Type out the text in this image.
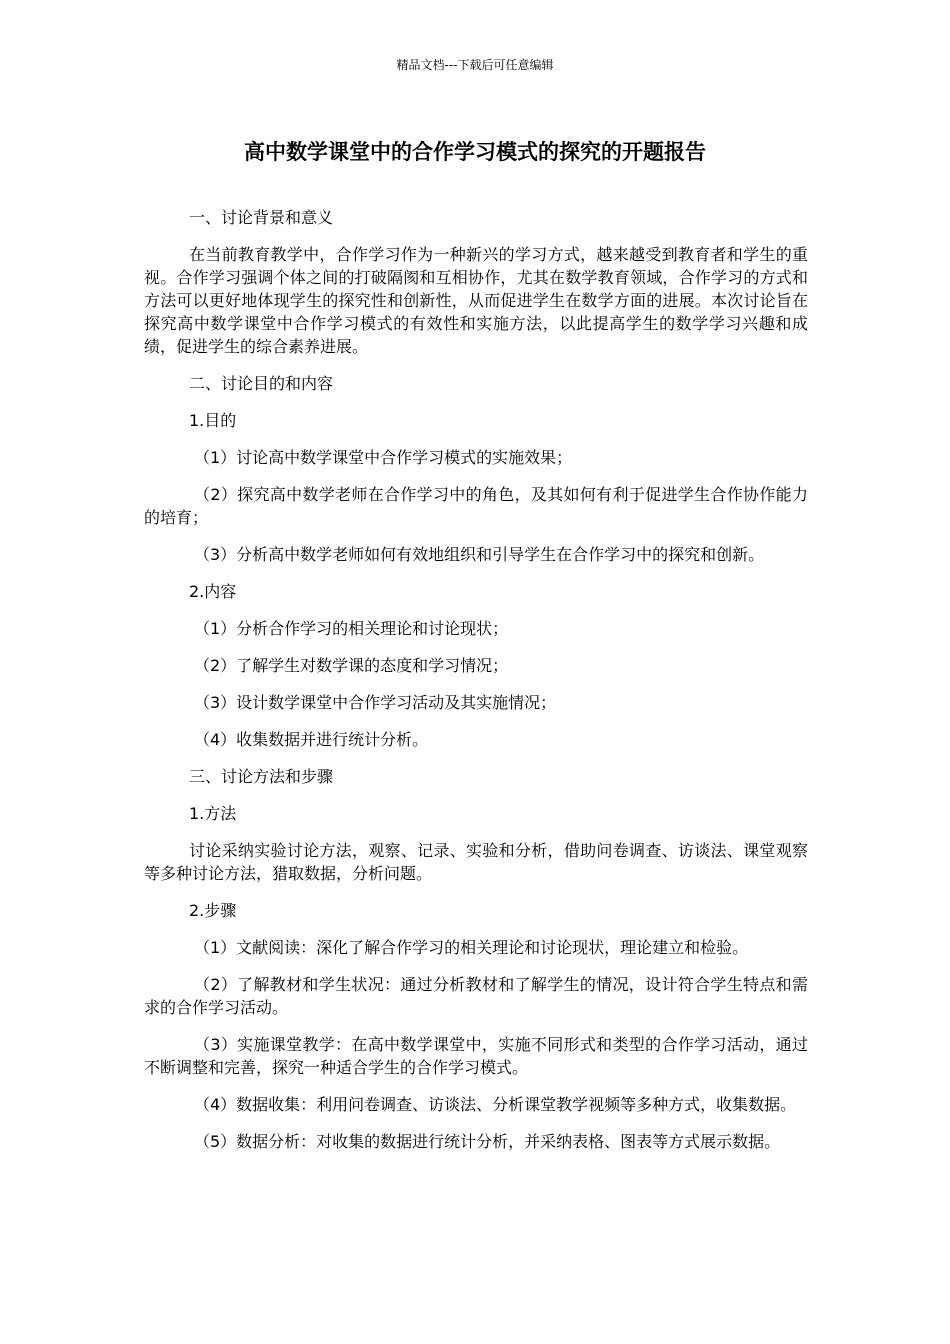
精品文档---下载后可任意编辑
高中数学课堂中的合作学习模式的探究的开题报告

一、讨论背景和意义

在当前教育教学中，合作学习作为一种新兴的学习方式，越来越受到教育者和学生的重视。合作学习强调个体之间的打破隔阂和互相协作，尤其在数学教育领域，合作学习的方式和方法可以更好地体现学生的探究性和创新性，从而促进学生在数学方面的进展。本次讨论旨在探究高中数学课堂中合作学习模式的有效性和实施方法，以此提高学生的数学学习兴趣和成绩，促进学生的综合素养进展。

二、讨论目的和内容

1.目的

（1）讨论高中数学课堂中合作学习模式的实施效果；

（2）探究高中数学老师在合作学习中的角色，及其如何有利于促进学生合作协作能力的培育；

（3）分析高中数学老师如何有效地组织和引导学生在合作学习中的探究和创新。

2.内容

（1）分析合作学习的相关理论和讨论现状；

（2）了解学生对数学课的态度和学习情况；

（3）设计数学课堂中合作学习活动及其实施情况；

（4）收集数据并进行统计分析。

三、讨论方法和步骤

1.方法

讨论采纳实验讨论方法，观察、记录、实验和分析，借助问卷调查、访谈法、课堂观察等多种讨论方法，猎取数据，分析问题。

2.步骤

（1）文献阅读：深化了解合作学习的相关理论和讨论现状，理论建立和检验。

（2）了解教材和学生状况：通过分析教材和了解学生的情况，设计符合学生特点和需求的合作学习活动。

（3）实施课堂教学：在高中数学课堂中，实施不同形式和类型的合作学习活动，通过不断调整和完善，探究一种适合学生的合作学习模式。

（4）数据收集：利用问卷调查、访谈法、分析课堂教学视频等多种方式，收集数据。

（5）数据分析：对收集的数据进行统计分析，并采纳表格、图表等方式展示数据。
